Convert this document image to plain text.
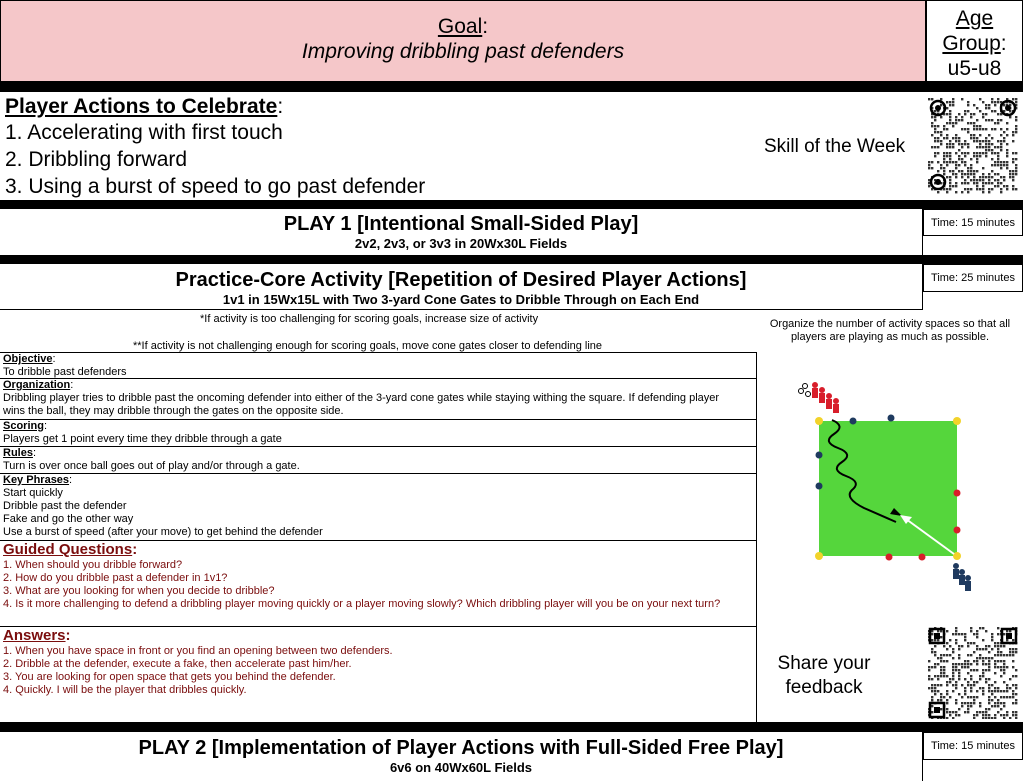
Goal:
Improving dribbling past defenders
Age
Group:
u5-u8
Player Actions to Celebrate:
1. Accelerating with first touch
2. Dribbling forward
3. Using a burst of speed to go past defender
Skill of the Week
PLAY 1 [Intentional Small-Sided Play]
2v2, 2v3, or 3v3 in 20Wx30L Fields
Time: 15 minutes
Practice-Core Activity [Repetition of Desired Player Actions]
1v1 in 15Wx15L with Two 3-yard Cone Gates to Dribble Through on Each End
Time: 25 minutes
*If activity is too challenging for scoring goals, increase size of activity
**If activity is not challenging enough for scoring goals, move cone gates closer to defending line
Objective:
To dribble past defenders
Organization:
Dribbling player tries to dribble past the oncoming defender into either of the 3-yard cone gates while staying withing the square. If defending player wins the ball, they may dribble through the gates on the opposite side.
Scoring:
Players get 1 point every time they dribble through a gate
Rules:
Turn is over once ball goes out of play and/or through a gate.
Key Phrases:
Start quickly
Dribble past the defender
Fake and go the other way
Use a burst of speed (after your move) to get behind the defender
Guided Questions:
1. When should you dribble forward?
2. How do you dribble past a defender in 1v1?
3. What are you looking for when you decide to dribble?
4. Is it more challenging to defend a dribbling player moving quickly or a player moving slowly? Which dribbling player will you be on your next turn?
Answers:
1. When you have space in front or you find an opening between two defenders.
2. Dribble at the defender, execute a fake, then accelerate past him/her.
3. You are looking for open space that gets you behind the defender.
4. Quickly. I will be the player that dribbles quickly.
Organize the number of activity spaces so that all players are playing as much as possible.
Share your
feedback
PLAY 2 [Implementation of Player Actions with Full-Sided Free Play]
6v6 on 40Wx60L Fields
Time: 15 minutes
